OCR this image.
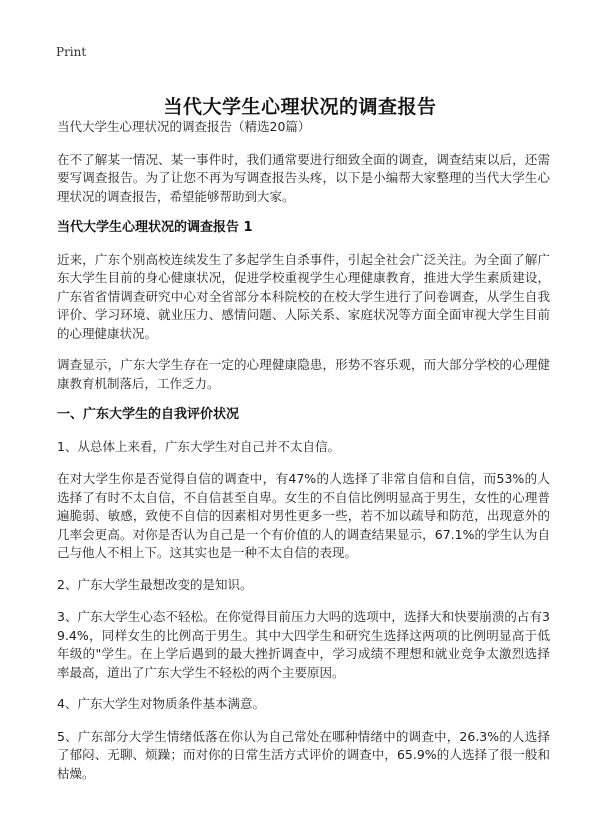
Print
当代大学生心理状况的调查报告

当代大学生心理状况的调查报告（精选20篇）

在不了解某一情况、某一事件时，我们通常要进行细致全面的调查，调查结束以后，还需要写调查报告。为了让您不再为写调查报告头疼，以下是小编帮大家整理的当代大学生心理状况的调查报告，希望能够帮助到大家。

当代大学生心理状况的调查报告 1

近来，广东个别高校连续发生了多起学生自杀事件，引起全社会广泛关注。为全面了解广东大学生目前的身心健康状况，促进学校重视学生心理健康教育，推进大学生素质建设，广东省省情调查研究中心对全省部分本科院校的在校大学生进行了问卷调查，从学生自我评价、学习环境、就业压力、感情问题、人际关系、家庭状况等方面全面审视大学生目前的心理健康状况。

调查显示，广东大学生存在一定的心理健康隐患，形势不容乐观，而大部分学校的心理健康教育机制落后，工作乏力。

一、广东大学生的自我评价状况

1、从总体上来看，广东大学生对自己并不太自信。

在对大学生你是否觉得自信的调查中，有47%的人选择了非常自信和自信，而53%的人选择了有时不太自信，不自信甚至自卑。女生的不自信比例明显高于男生，女性的心理普遍脆弱、敏感，致使不自信的因素相对男性更多一些，若不加以疏导和防范，出现意外的几率会更高。对你是否认为自己是一个有价值的人的调查结果显示，67.1%的学生认为自己与他人不相上下。这其实也是一种不太自信的表现。

2、广东大学生最想改变的是知识。

3、广东大学生心态不轻松。在你觉得目前压力大吗的选项中，选择大和快要崩溃的占有39.4%，同样女生的比例高于男生。其中大四学生和研究生选择这两项的比例明显高于低年级的"学生。在上学后遇到的最大挫折调查中，学习成绩不理想和就业竞争太激烈选择率最高，道出了广东大学生不轻松的两个主要原因。

4、广东大学生对物质条件基本满意。

5、广东部分大学生情绪低落在你认为自己常处在哪种情绪中的调查中，26.3%的人选择了郁闷、无聊、烦躁；而对你的日常生活方式评价的调查中，65.9%的人选择了很一般和枯燥。
